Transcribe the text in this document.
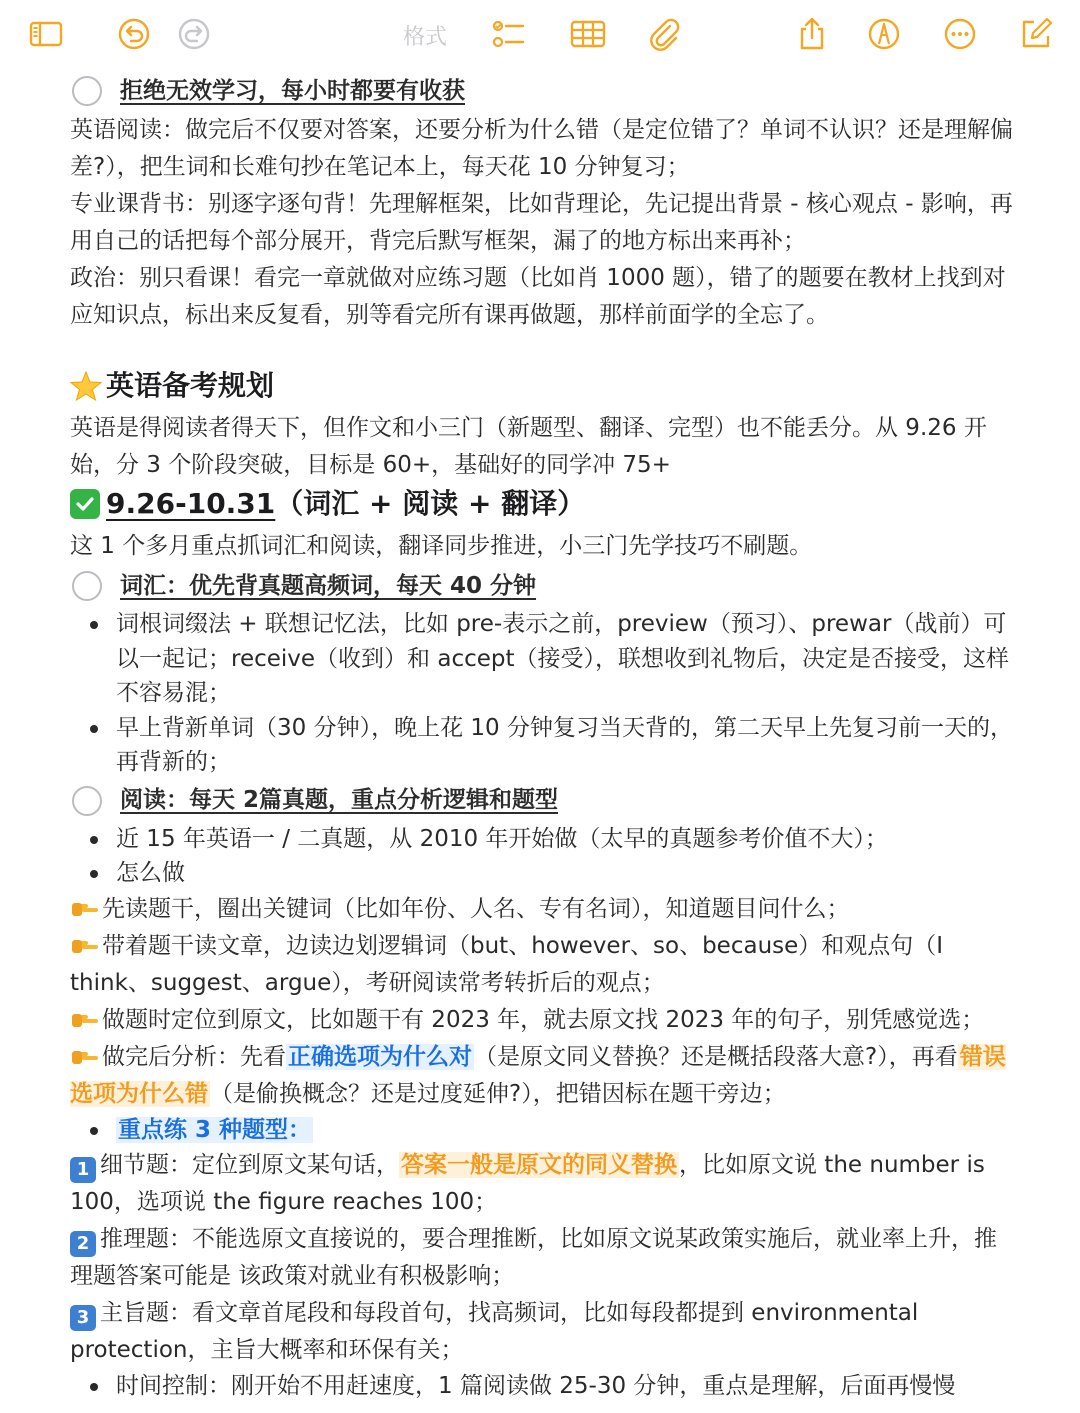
格式
拒绝无效学习，每小时都要有收获

英语阅读：做完后不仅要对答案，还要分析为什么错（是定位错了？单词不认识？还是理解偏差?），把生词和长难句抄在笔记本上，每天花 10 分钟复习；

专业课背书：别逐字逐句背！先理解框架，比如背理论，先记提出背景 - 核心观点 - 影响，再用自己的话把每个部分展开，背完后默写框架，漏了的地方标出来再补；

政治：别只看课！看完一章就做对应练习题（比如肖 1000 题），错了的题要在教材上找到对应知识点，标出来反复看，别等看完所有课再做题，那样前面学的全忘了。

英语备考规划

英语是得阅读者得天下，但作文和小三门（新题型、翻译、完型）也不能丢分。从 9.26 开始，分 3 个阶段突破，目标是 60+，基础好的同学冲 75+

9.26-10.31 （词汇 + 阅读 + 翻译）

这 1 个多月重点抓词汇和阅读，翻译同步推进，小三门先学技巧不刷题。

词汇：优先背真题高频词，每天 40 分钟
词根词缀法 + 联想记忆法，比如 pre-表示之前，preview（预习）、prewar（战前）可以一起记；receive（收到）和 accept（接受），联想收到礼物后，决定是否接受，这样不容易混；
早上背新单词（30 分钟），晚上花 10 分钟复习当天背的，第二天早上先复习前一天的，再背新的；
阅读：每天 2篇真题，重点分析逻辑和题型
近 15 年英语一 / 二真题，从 2010 年开始做（太早的真题参考价值不大）；
怎么做

先读题干，圈出关键词（比如年份、人名、专有名词），知道题目问什么；

带着题干读文章，边读边划逻辑词（but、however、so、because）和观点句（I think、suggest、argue），考研阅读常考转折后的观点；

做题时定位到原文，比如题干有 2023 年，就去原文找 2023 年的句子，别凭感觉选；

做完后分析：先看正确选项为什么对（是原文同义替换？还是概括段落大意?），再看错误选项为什么错（是偷换概念？还是过度延伸?），把错因标在题干旁边；

重点练 3 种题型：

1 细节题：定位到原文某句话，答案一般是原文的同义替换，比如原文说 the number is 100，选项说 the figure reaches 100；

2 推理题：不能选原文直接说的，要合理推断，比如原文说某政策实施后，就业率上升，推理题答案可能是 该政策对就业有积极影响；

3 主旨题：看文章首尾段和每段首句，找高频词，比如每段都提到 environmental protection，主旨大概率和环保有关；

时间控制：刚开始不用赶速度，1 篇阅读做 25-30 分钟，重点是理解，后面再慢慢
